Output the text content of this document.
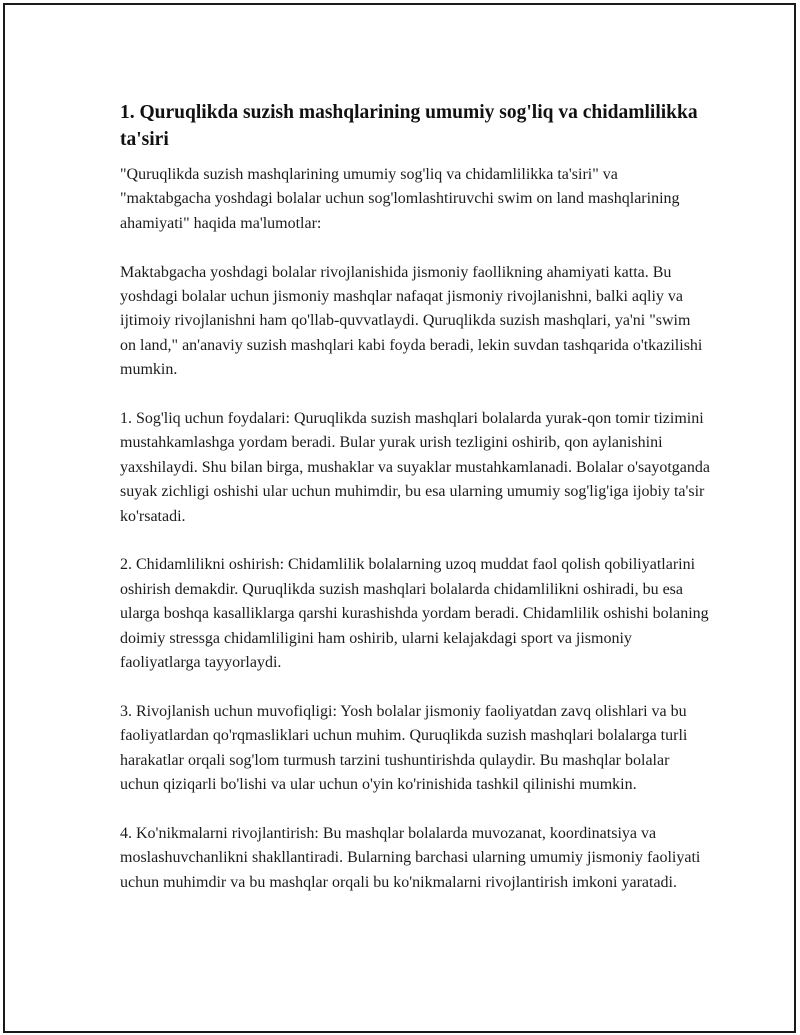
1. Quruqlikda suzish mashqlarining umumiy sog'liq va chidamlilikka ta'siri

"Quruqlikda suzish mashqlarining umumiy sog'liq va chidamlilikka ta'siri" va "maktabgacha yoshdagi bolalar uchun sog'lomlashtiruvchi swim on land mashqlarining ahamiyati" haqida ma'lumotlar:

Maktabgacha yoshdagi bolalar rivojlanishida jismoniy faollikning ahamiyati katta. Bu yoshdagi bolalar uchun jismoniy mashqlar nafaqat jismoniy rivojlanishni, balki aqliy va ijtimoiy rivojlanishni ham qo'llab-quvvatlaydi. Quruqlikda suzish mashqlari, ya'ni "swim on land," an'anaviy suzish mashqlari kabi foyda beradi, lekin suvdan tashqarida o'tkazilishi mumkin.

1. Sog'liq uchun foydalari: Quruqlikda suzish mashqlari bolalarda yurak-qon tomir tizimini mustahkamlashga yordam beradi. Bular yurak urish tezligini oshirib, qon aylanishini yaxshilaydi. Shu bilan birga, mushaklar va suyaklar mustahkamlanadi. Bolalar o'sayotganda suyak zichligi oshishi ular uchun muhimdir, bu esa ularning umumiy sog'lig'iga ijobiy ta'sir ko'rsatadi.

2. Chidamlilikni oshirish: Chidamlilik bolalarning uzoq muddat faol qolish qobiliyatlarini oshirish demakdir. Quruqlikda suzish mashqlari bolalarda chidamlilikni oshiradi, bu esa ularga boshqa kasalliklarga qarshi kurashishda yordam beradi. Chidamlilik oshishi bolaning doimiy stressga chidamliligini ham oshirib, ularni kelajakdagi sport va jismoniy faoliyatlarga tayyorlaydi.

3. Rivojlanish uchun muvofiqligi: Yosh bolalar jismoniy faoliyatdan zavq olishlari va bu faoliyatlardan qo'rqmasliklari uchun muhim. Quruqlikda suzish mashqlari bolalarga turli harakatlar orqali sog'lom turmush tarzini tushuntirishda qulaydir. Bu mashqlar bolalar uchun qiziqarli bo'lishi va ular uchun o'yin ko'rinishida tashkil qilinishi mumkin.

4. Ko'nikmalarni rivojlantirish: Bu mashqlar bolalarda muvozanat, koordinatsiya va moslashuvchanlikni shakllantiradi. Bularning barchasi ularning umumiy jismoniy faoliyati uchun muhimdir va bu mashqlar orqali bu ko'nikmalarni rivojlantirish imkoni yaratadi.
